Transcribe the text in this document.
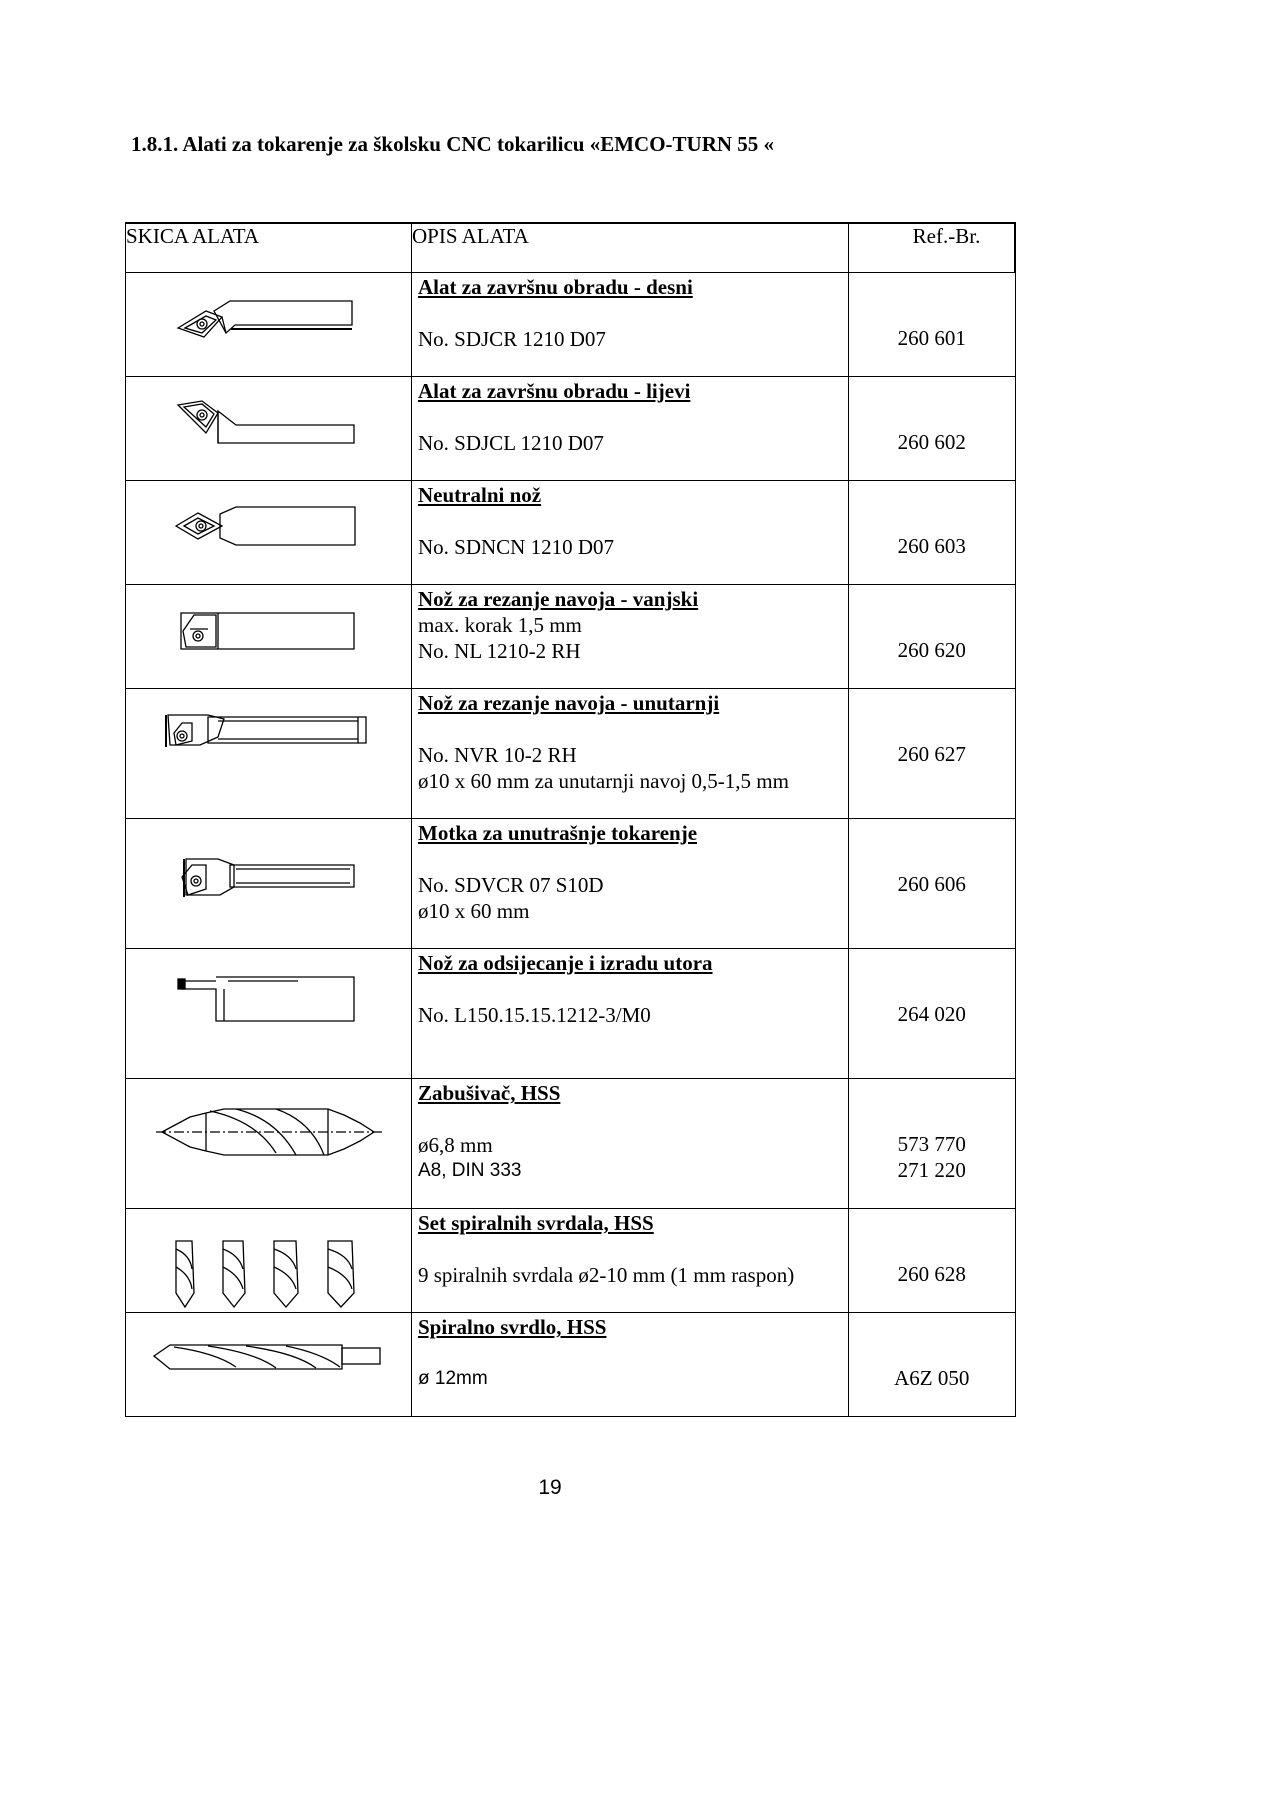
1.8.1. Alati za tokarenje za školsku CNC tokarilicu «EMCO-TURN 55 «
SKICA ALATA	OPIS ALATA	Ref.-Br.

Alat za završnu obradu - desni

No. SDJCR 1210 D07	260 601

Alat za završnu obradu - lijevi

No. SDJCL 1210 D07	260 602

Neutralni nož

No. SDNCN 1210 D07	260 603

Nož za rezanje navoja - vanjski
max. korak 1,5 mm
No. NL 1210-2 RH	260 620

Nož za rezanje navoja - unutarnji

No. NVR 10-2 RH
ø10 x 60 mm za unutarnji navoj 0,5-1,5 mm	260 627

Motka za unutrašnje tokarenje

No. SDVCR 07 S10D
ø10 x 60 mm	260 606

Nož za odsijecanje i izradu utora

No. L150.15.15.1212-3/M0	264 020

Zabušivač, HSS

ø6,8 mm
A8, DIN 333	573 770
271 220

Set spiralnih svrdala, HSS

9 spiralnih svrdala ø2-10 mm (1 mm raspon)	260 628

Spiralno svrdlo, HSS

ø 12mm	A6Z 050
19
